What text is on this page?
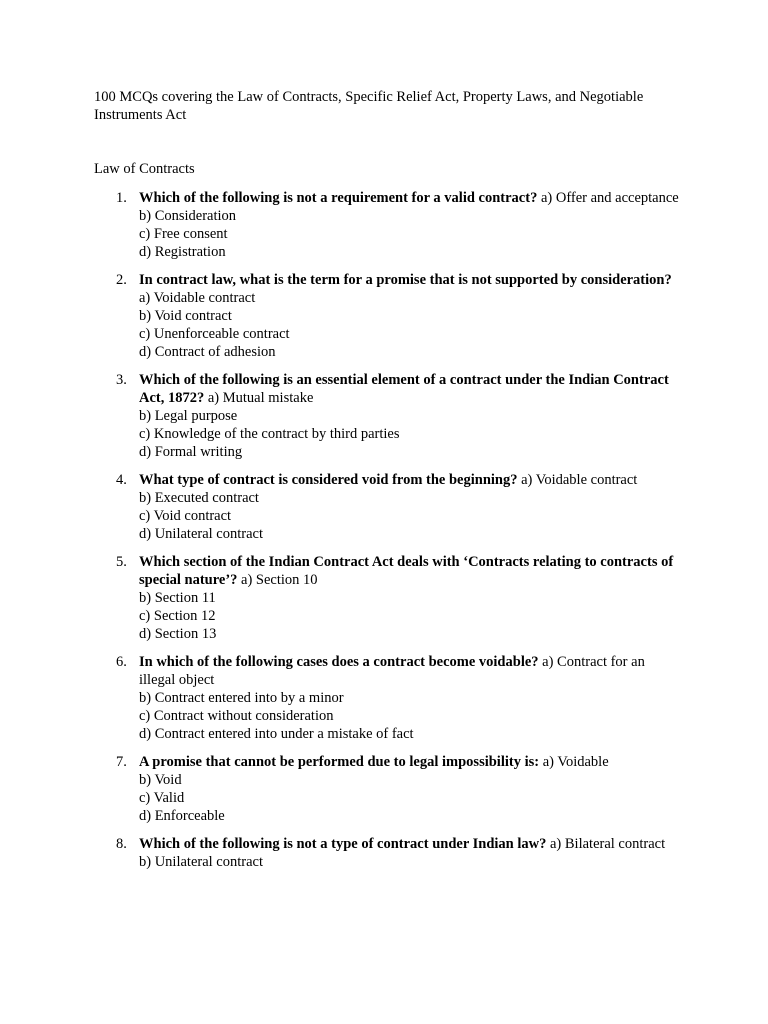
100 MCQs covering the Law of Contracts, Specific Relief Act, Property Laws, and Negotiable Instruments Act
Law of Contracts
1. Which of the following is not a requirement for a valid contract? a) Offer and acceptance
b) Consideration
c) Free consent
d) Registration
2. In contract law, what is the term for a promise that is not supported by consideration? a) Voidable contract
b) Void contract
c) Unenforceable contract
d) Contract of adhesion
3. Which of the following is an essential element of a contract under the Indian Contract Act, 1872? a) Mutual mistake
b) Legal purpose
c) Knowledge of the contract by third parties
d) Formal writing
4. What type of contract is considered void from the beginning? a) Voidable contract
b) Executed contract
c) Void contract
d) Unilateral contract
5. Which section of the Indian Contract Act deals with ‘Contracts relating to contracts of special nature’? a) Section 10
b) Section 11
c) Section 12
d) Section 13
6. In which of the following cases does a contract become voidable? a) Contract for an illegal object
b) Contract entered into by a minor
c) Contract without consideration
d) Contract entered into under a mistake of fact
7. A promise that cannot be performed due to legal impossibility is: a) Voidable
b) Void
c) Valid
d) Enforceable
8. Which of the following is not a type of contract under Indian law? a) Bilateral contract
b) Unilateral contract
